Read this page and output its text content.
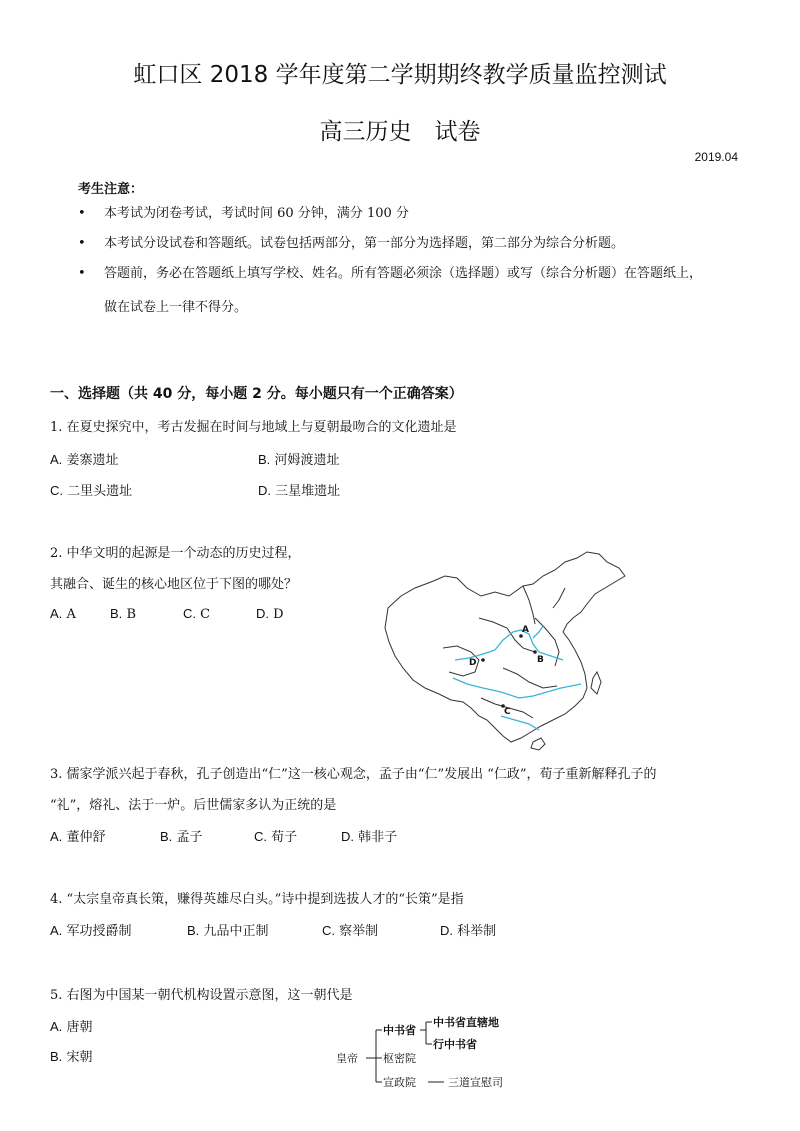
虹口区 2018 学年度第二学期期终教学质量监控测试
高三历史　试卷
2019.04
考生注意：
• 本考试为闭卷考试，考试时间 60 分钟，满分 100 分
• 本考试分设试卷和答题纸。试卷包括两部分，第一部分为选择题，第二部分为综合分析题。
• 答题前，务必在答题纸上填写学校、姓名。所有答题必须涂（选择题）或写（综合分析题）在答题纸上，
做在试卷上一律不得分。
一、选择题（共 40 分，每小题 2 分。每小题只有一个正确答案）
1. 在夏史探究中，考古发掘在时间与地域上与夏朝最吻合的文化遗址是
A. 姜寨遗址	B. 河姆渡遗址
C. 二里头遗址	D. 三星堆遗址
2. 中华文明的起源是一个动态的历史过程，
其融合、诞生的核心地区位于下图的哪处？
A. A	B. B	C. C	D. D
A
B
C
D
3. 儒家学派兴起于春秋，孔子创造出“仁”这一核心观念，孟子由“仁”发展出 “仁政”，荀子重新解释孔子的
“礼”，熔礼、法于一炉。后世儒家多认为正统的是
A. 董仲舒	B. 孟子	C. 荀子	D. 韩非子
4. “太宗皇帝真长策，赚得英雄尽白头。”诗中提到选拔人才的“长策”是指
A. 军功授爵制	B. 九品中正制	C. 察举制	D. 科举制
5. 右图为中国某一朝代机构设置示意图，这一朝代是
A. 唐朝
B. 宋朝	皇帝
中书省
中书省直辖地
行中书省
枢密院
宣政院	三道宣慰司
